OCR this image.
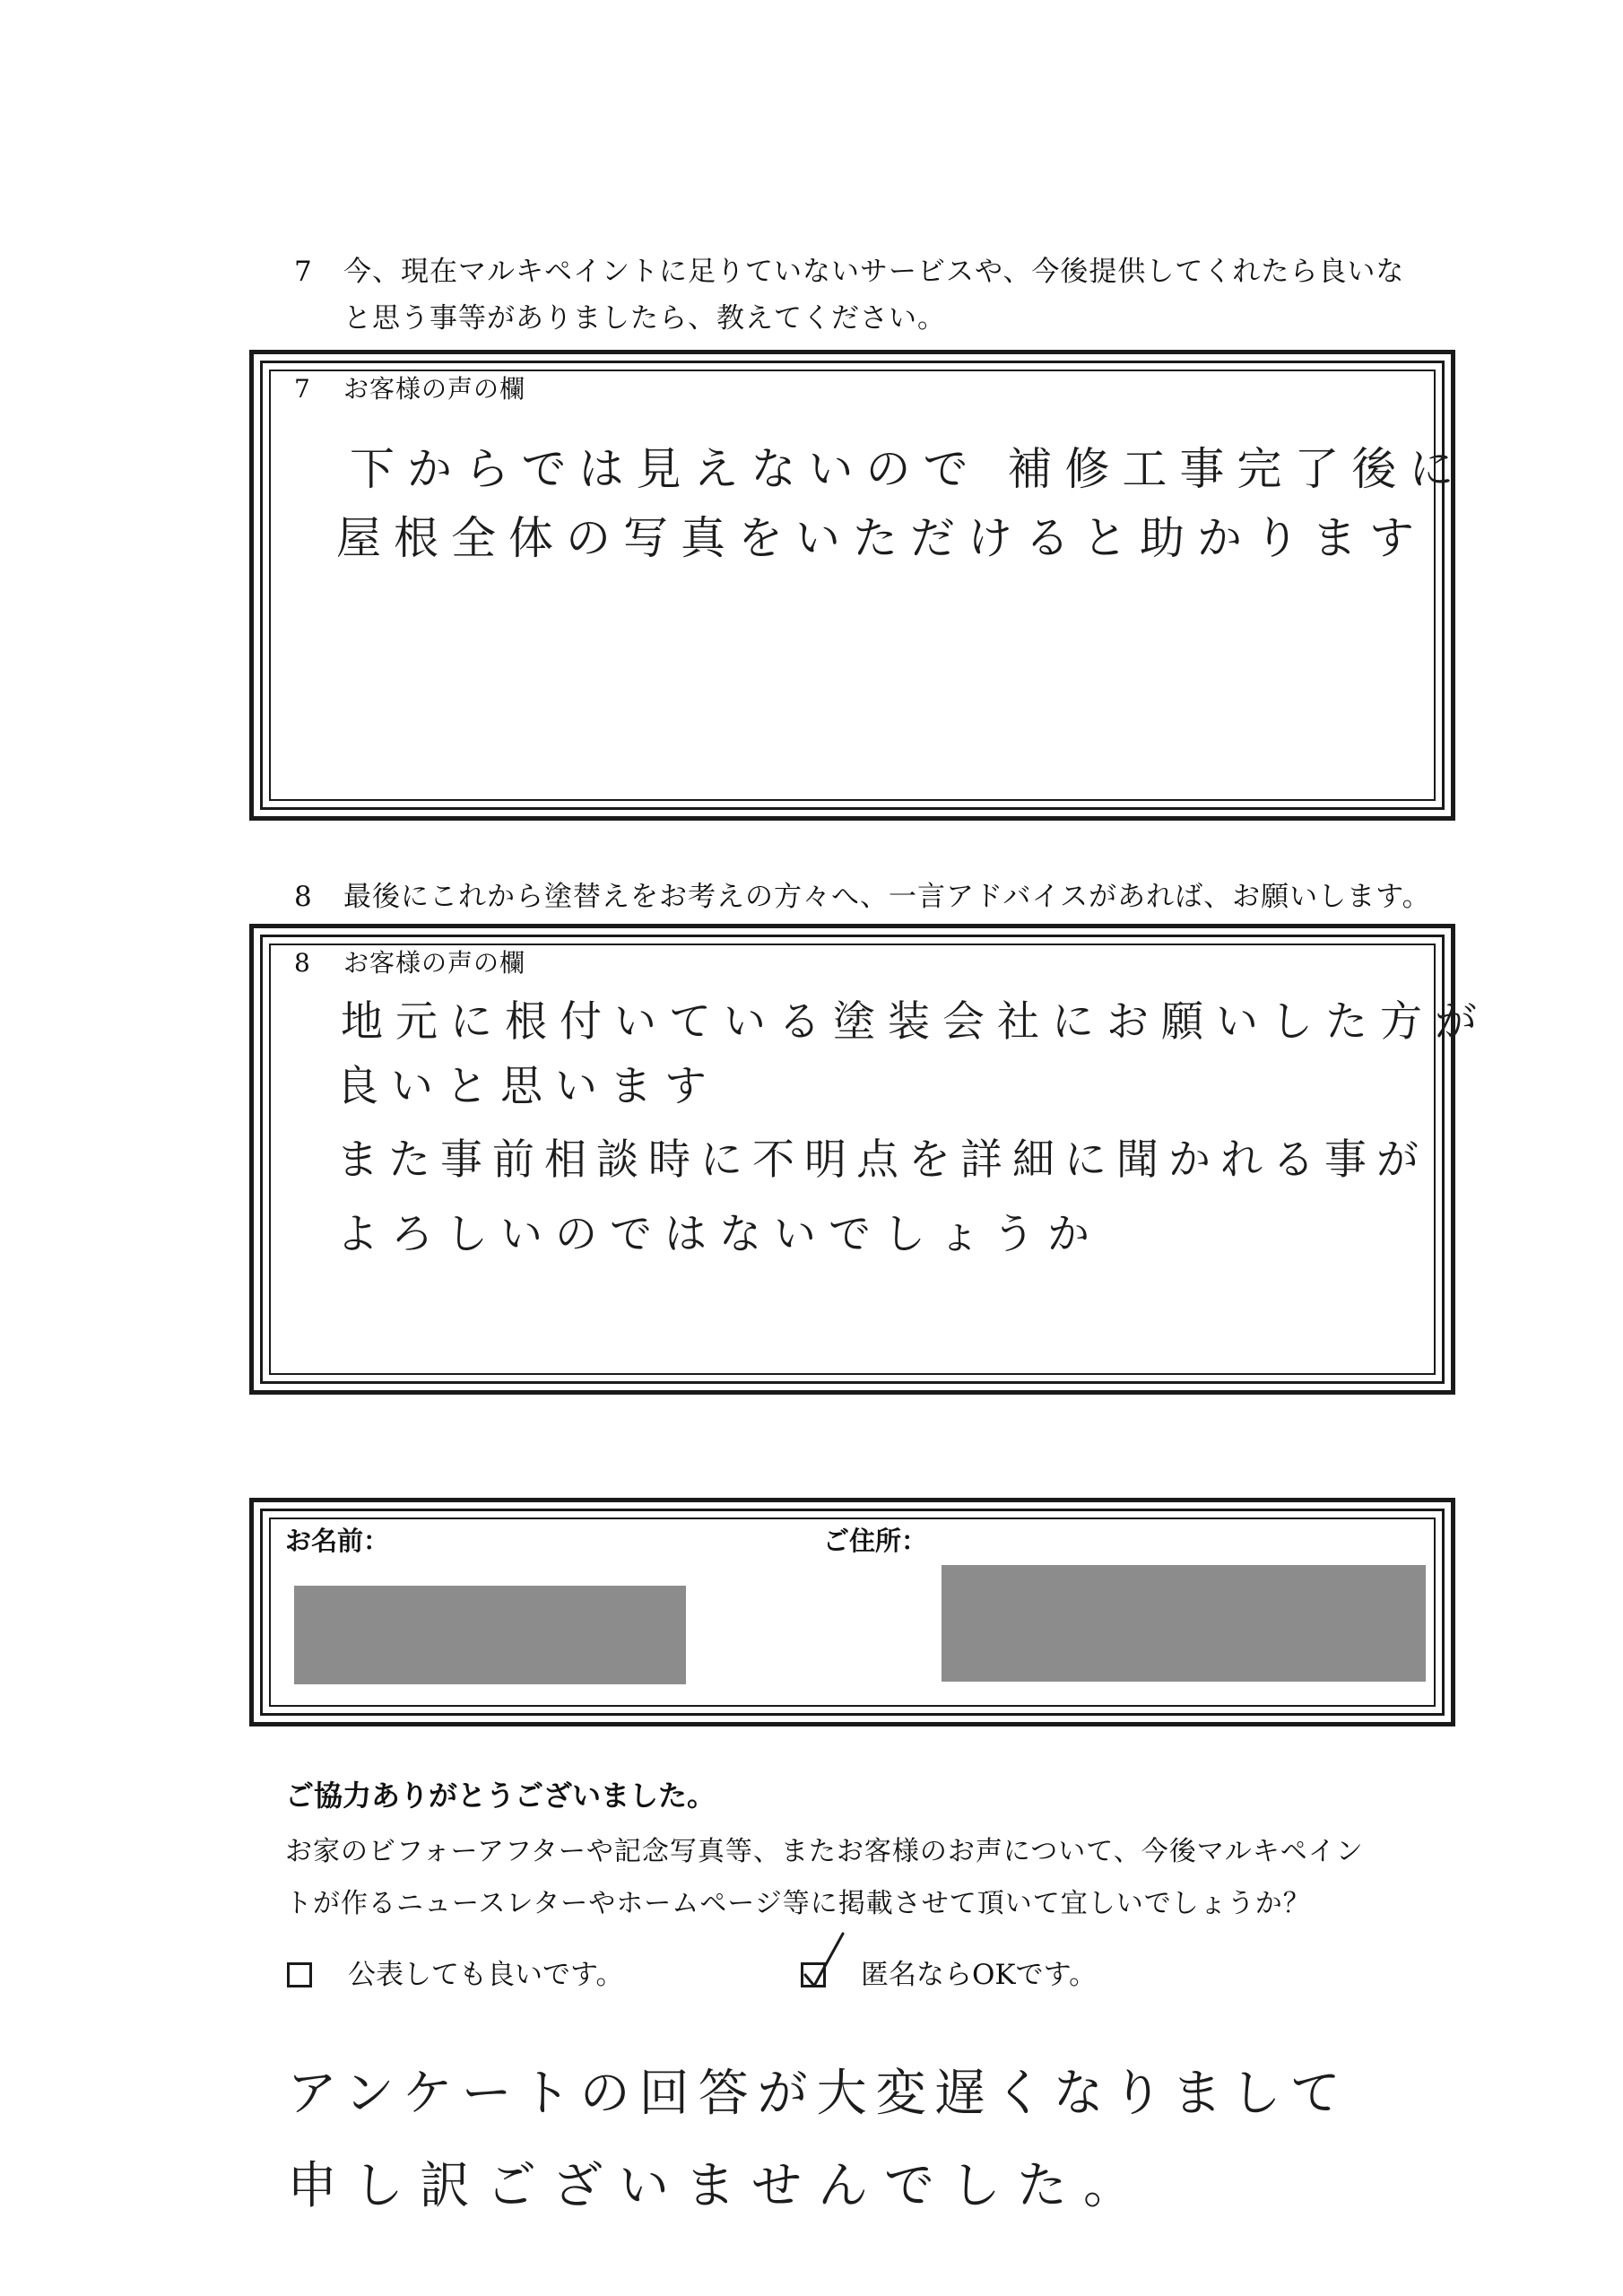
7 今、現在マルキペイントに足りていないサービスや、今後提供してくれたら良いな
と思う事等がありましたら、教えてください。
7 お客様の声の欄
下からでは見えないので 補修工事完了後に
屋根全体の写真をいただけると助かります
8 最後にこれから塗替えをお考えの方々へ、一言アドバイスがあれば、お願いします。
8 お客様の声の欄
地元に根付いている塗装会社にお願いした方が
良いと思います
また事前相談時に不明点を詳細に聞かれる事が
よろしいのではないでしょうか
お名前：	ご住所：
ご協力ありがとうございました。
お家のビフォーアフターや記念写真等、またお客様のお声について、今後マルキペイン
トが作るニュースレターやホームページ等に掲載させて頂いて宜しいでしょうか？
公表しても良いです。	匿名ならOKです。
アンケートの回答が大変遅くなりまして
申し訳ございませんでした。
